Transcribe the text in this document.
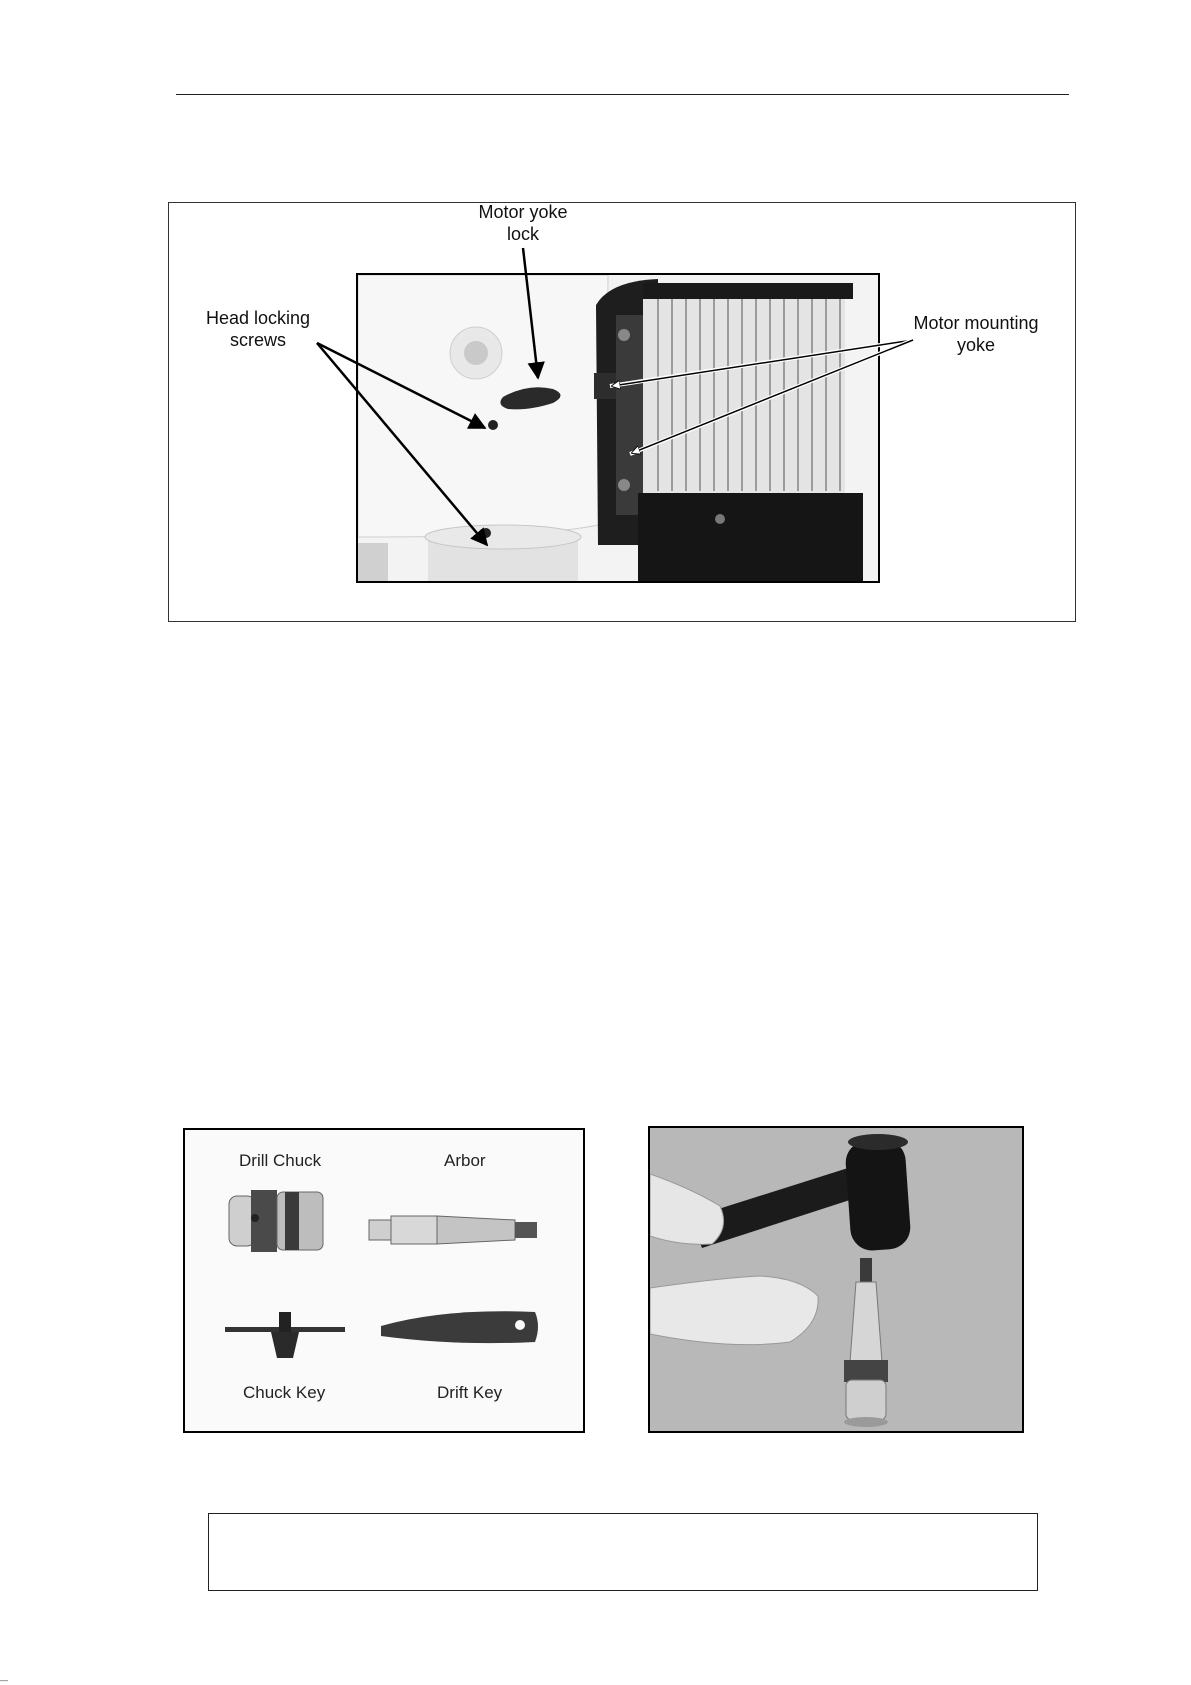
Motor yoke
lock
Head locking
screws
Motor mounting
yoke
Drill Chuck	Arbor
Chuck Key	Drift Key
—
